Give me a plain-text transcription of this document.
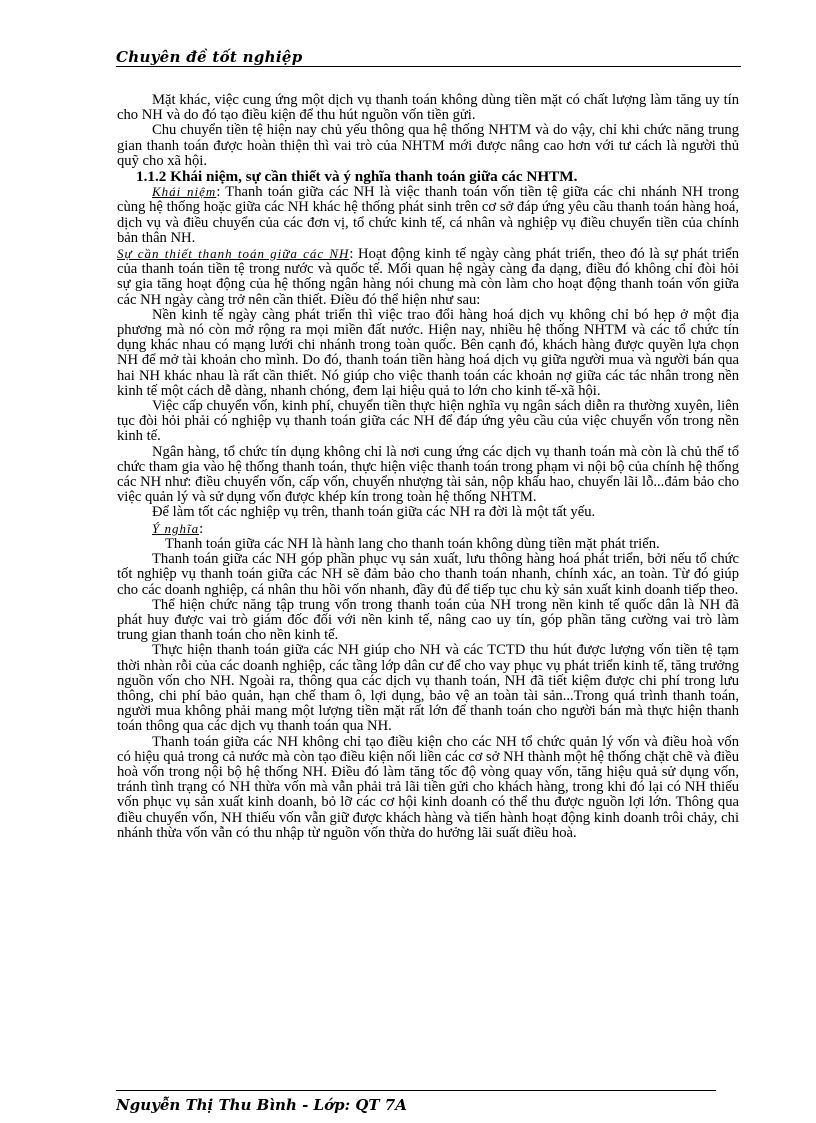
Chuyên đề tốt nghiệp

Mặt khác, việc cung ứng một dịch vụ thanh toán không dùng tiền mặt có chất lượng làm tăng uy tín cho NH và do đó tạo điều kiện để thu hút nguồn vốn tiền gửi.

Chu chuyển tiền tệ hiện nay chủ yếu thông qua hệ thống NHTM và do vậy, chỉ khi chức năng trung gian thanh toán được hoàn thiện thì vai trò của NHTM mới được nâng cao hơn với tư cách là người thủ quỹ cho xã hội.

1.1.2 Khái niệm, sự cần thiết và ý nghĩa thanh toán giữa các NHTM.

Khái niệm: Thanh toán giữa các NH là việc thanh toán vốn tiền tệ giữa các chi nhánh NH trong cùng hệ thống hoặc giữa các NH khác hệ thống phát sinh trên cơ sở đáp ứng yêu cầu thanh toán hàng hoá, dịch vụ và điều chuyển của các đơn vị, tổ chức kinh tế, cá nhân và nghiệp vụ điều chuyển tiền của chính bản thân NH.

Sự cần thiết thanh toán giữa các NH: Hoạt động kinh tế ngày càng phát triển, theo đó là sự phát triển của thanh toán tiền tệ trong nước và quốc tế. Mối quan hệ ngày càng đa dạng, điều đó không chỉ đòi hỏi sự gia tăng hoạt động của hệ thống ngân hàng nói chung mà còn làm cho hoạt động thanh toán vốn giữa các NH ngày càng trở nên cần thiết. Điều đó thể hiện như sau:

Nền kinh tế ngày càng phát triển thì việc trao đổi hàng hoá dịch vụ không chỉ bó hẹp ở một địa phương mà nó còn mở rộng ra mọi miền đất nước. Hiện nay, nhiều hệ thống NHTM và các tổ chức tín dụng khác nhau có mạng lưới chi nhánh trong toàn quốc. Bên cạnh đó, khách hàng được quyền lựa chọn NH để mở tài khoản cho mình. Do đó, thanh toán tiền hàng hoá dịch vụ giữa người mua và người bán qua hai NH khác nhau là rất cần thiết. Nó giúp cho việc thanh toán các khoản nợ giữa các tác nhân trong nền kinh tế một cách dễ dàng, nhanh chóng, đem lại hiệu quả to lớn cho kinh tế-xã hội.

Việc cấp chuyển vốn, kinh phí, chuyển tiền thực hiện nghĩa vụ ngân sách diễn ra thường xuyên, liên tục đòi hỏi phải có nghiệp vụ thanh toán giữa các NH để đáp ứng yêu cầu của việc chuyển vốn trong nền kinh tế.

Ngân hàng, tổ chức tín dụng không chỉ là nơi cung ứng các dịch vụ thanh toán mà còn là chủ thể tổ chức tham gia vào hệ thống thanh toán, thực hiện việc thanh toán trong phạm vi nội bộ của chính hệ thống các NH như: điều chuyển vốn, cấp vốn, chuyển nhượng tài sản, nộp khấu hao, chuyển lãi lỗ...đảm bảo cho việc quản lý và sử dụng vốn được khép kín trong toàn hệ thống NHTM.

Để làm tốt các nghiệp vụ trên, thanh toán giữa các NH ra đời là một tất yếu.

Ý nghĩa:

Thanh toán giữa các NH là hành lang cho thanh toán không dùng tiền mặt phát triển.

Thanh toán giữa các NH góp phần phục vụ sản xuất, lưu thông hàng hoá phát triển, bởi nếu tổ chức tốt nghiệp vụ thanh toán giữa các NH sẽ đảm bảo cho thanh toán nhanh, chính xác, an toàn. Từ đó giúp cho các doanh nghiệp, cá nhân thu hồi vốn nhanh, đầy đủ để tiếp tục chu kỳ sản xuất kinh doanh tiếp theo.

Thể hiện chức năng tập trung vốn trong thanh toán của NH trong nền kinh tế quốc dân là NH đã phát huy được vai trò giám đốc đối với nền kinh tế, nâng cao uy tín, góp phần tăng cường vai trò làm trung gian thanh toán cho nền kinh tế.

Thực hiện thanh toán giữa các NH giúp cho NH và các TCTD thu hút được lượng vốn tiền tệ tạm thời nhàn rỗi của các doanh nghiệp, các tầng lớp dân cư để cho vay phục vụ phát triển kinh tế, tăng trưởng nguồn vốn cho NH. Ngoài ra, thông qua các dịch vụ thanh toán, NH đã tiết kiệm được chi phí trong lưu thông, chi phí bảo quản, hạn chế tham ô, lợi dụng, bảo vệ an toàn tài sản...Trong quá trình thanh toán, người mua không phải mang một lượng tiền mặt rất lớn để thanh toán cho người bán mà thực hiện thanh toán thông qua các dịch vụ thanh toán qua NH.

Thanh toán giữa các NH không chỉ tạo điều kiện cho các NH tổ chức quản lý vốn và điều hoà vốn có hiệu quả trong cả nước mà còn tạo điều kiện nối liền các cơ sở NH thành một hệ thống chặt chẽ và điều hoà vốn trong nội bộ hệ thống NH. Điều đó làm tăng tốc độ vòng quay vốn, tăng hiệu quả sử dụng vốn, tránh tình trạng có NH thừa vốn mà vẫn phải trả lãi tiền gửi cho khách hàng, trong khi đó lại có NH thiếu vốn phục vụ sản xuất kinh doanh, bỏ lỡ các cơ hội kinh doanh có thể thu được nguồn lợi lớn. Thông qua điều chuyển vốn, NH thiếu vốn vẫn giữ được khách hàng và tiến hành hoạt động kinh doanh trôi chảy, chi nhánh thừa vốn vẫn có thu nhập từ nguồn vốn thừa do hưởng lãi suất điều hoà.

Nguyễn Thị Thu Bình - Lớp: QT 7A
